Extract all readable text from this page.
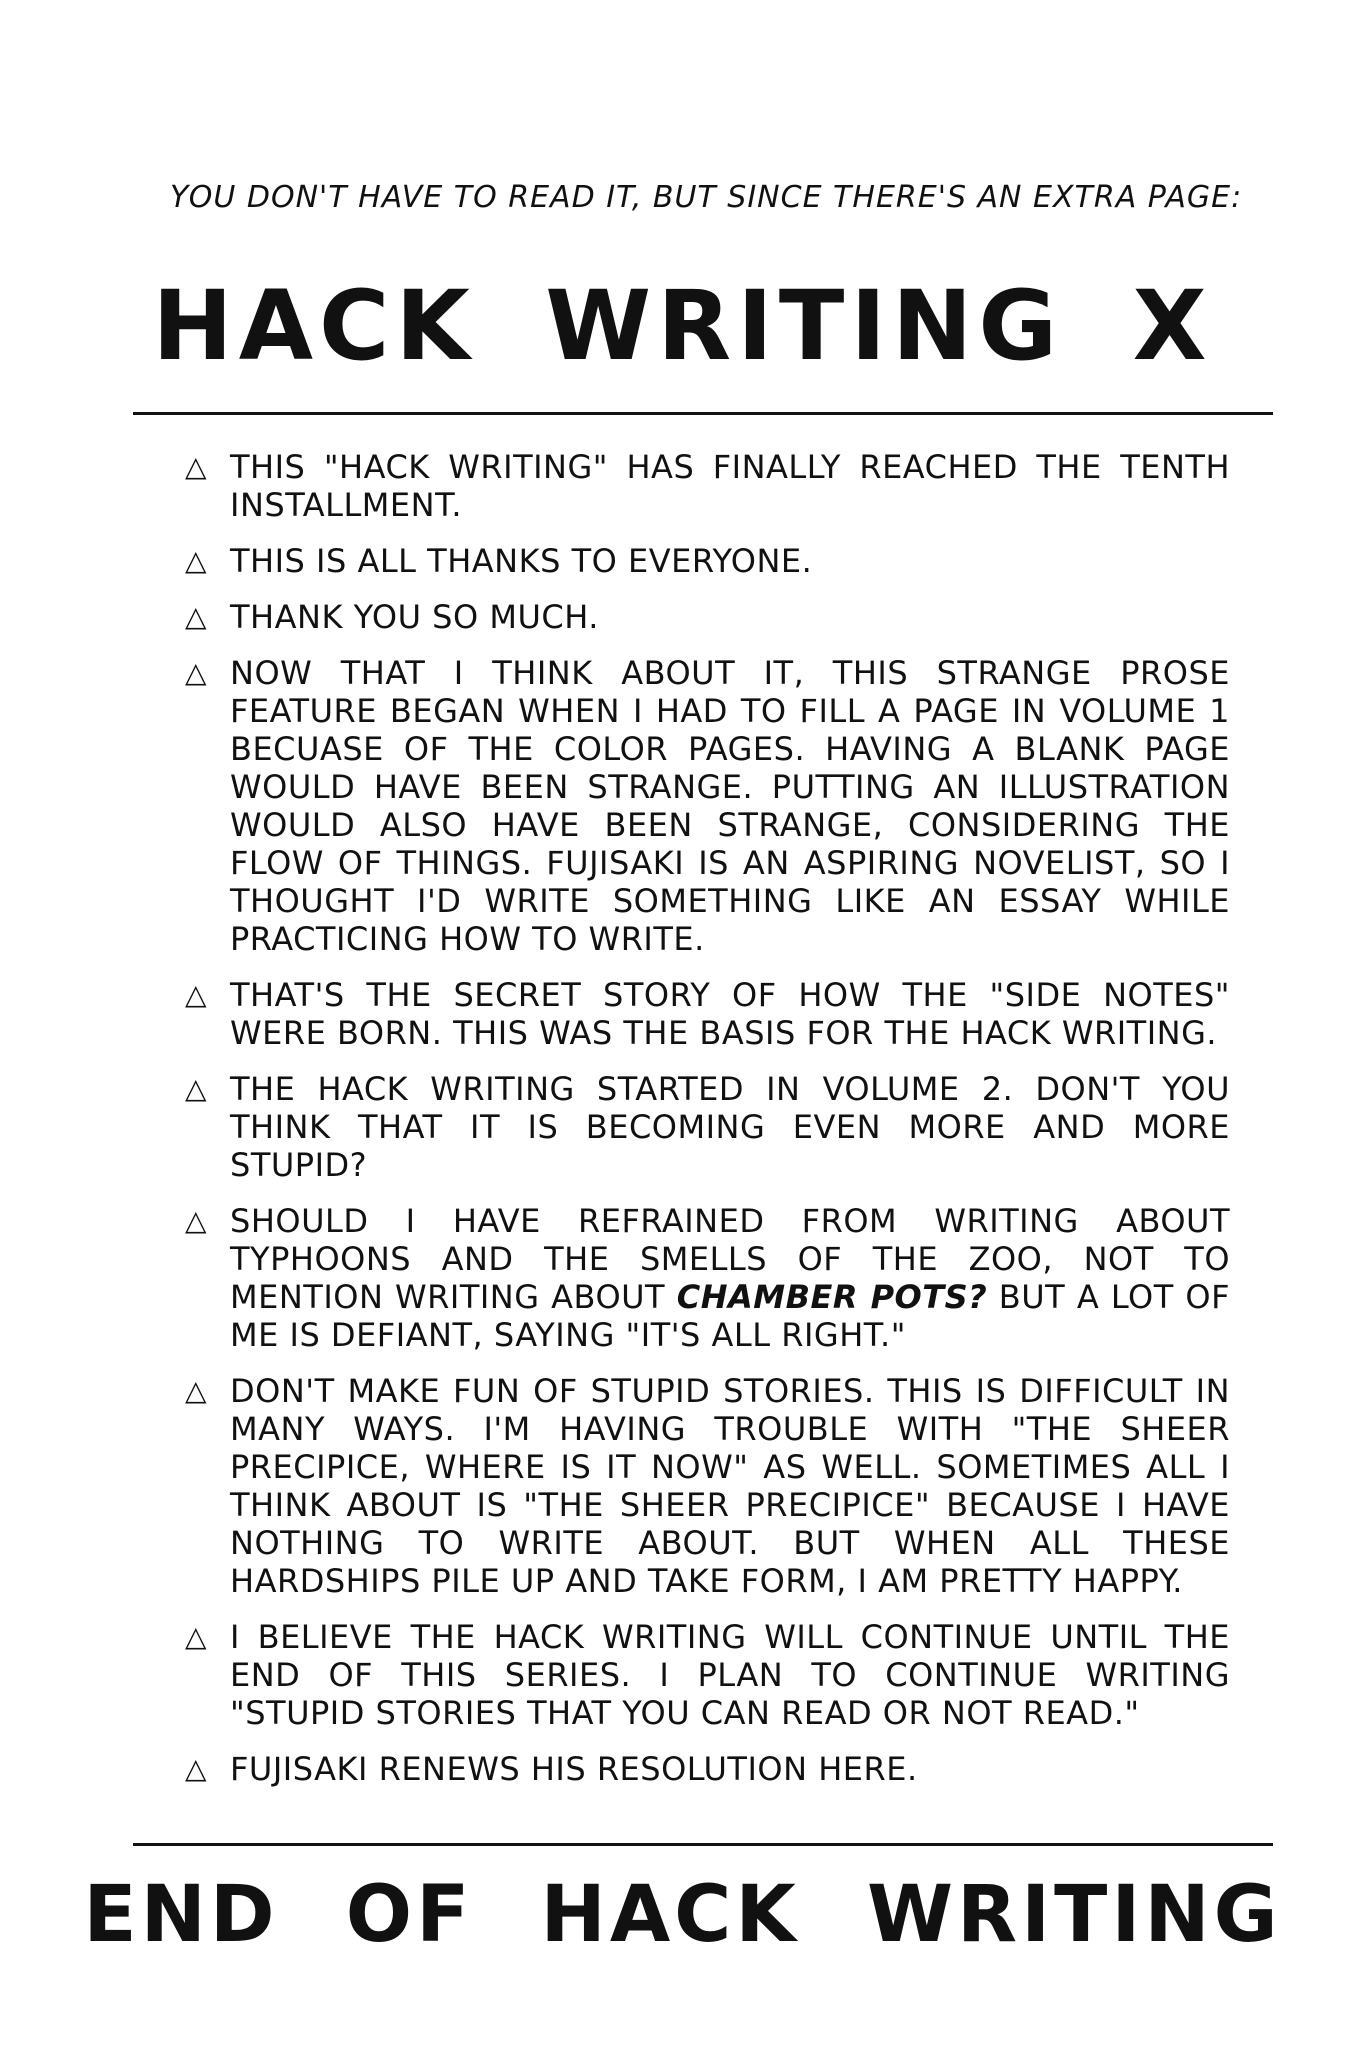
YOU DON'T HAVE TO READ IT, BUT SINCE THERE'S AN EXTRA PAGE:
HACK WRITING X
△ THIS "HACK WRITING" HAS FINALLY REACHED THE TENTH INSTALLMENT.
△ THIS IS ALL THANKS TO EVERYONE.
△ THANK YOU SO MUCH.
△ NOW THAT I THINK ABOUT IT, THIS STRANGE PROSE FEATURE BEGAN WHEN I HAD TO FILL A PAGE IN VOLUME 1 BECUASE OF THE COLOR PAGES. HAVING A BLANK PAGE WOULD HAVE BEEN STRANGE. PUTTING AN ILLUSTRATION WOULD ALSO HAVE BEEN STRANGE, CONSIDERING THE FLOW OF THINGS. FUJISAKI IS AN ASPIRING NOVELIST, SO I THOUGHT I'D WRITE SOMETHING LIKE AN ESSAY WHILE PRACTICING HOW TO WRITE.
△ THAT'S THE SECRET STORY OF HOW THE "SIDE NOTES" WERE BORN. THIS WAS THE BASIS FOR THE HACK WRITING.
△ THE HACK WRITING STARTED IN VOLUME 2. DON'T YOU THINK THAT IT IS BECOMING EVEN MORE AND MORE STUPID?
△ SHOULD I HAVE REFRAINED FROM WRITING ABOUT TYPHOONS AND THE SMELLS OF THE ZOO, NOT TO MENTION WRITING ABOUT CHAMBER POTS? BUT A LOT OF ME IS DEFIANT, SAYING "IT'S ALL RIGHT."
△ DON'T MAKE FUN OF STUPID STORIES. THIS IS DIFFICULT IN MANY WAYS. I'M HAVING TROUBLE WITH "THE SHEER PRECIPICE, WHERE IS IT NOW" AS WELL. SOMETIMES ALL I THINK ABOUT IS "THE SHEER PRECIPICE" BECAUSE I HAVE NOTHING TO WRITE ABOUT. BUT WHEN ALL THESE HARDSHIPS PILE UP AND TAKE FORM, I AM PRETTY HAPPY.
△ I BELIEVE THE HACK WRITING WILL CONTINUE UNTIL THE END OF THIS SERIES. I PLAN TO CONTINUE WRITING "STUPID STORIES THAT YOU CAN READ OR NOT READ."
△ FUJISAKI RENEWS HIS RESOLUTION HERE.
END OF HACK WRITING
